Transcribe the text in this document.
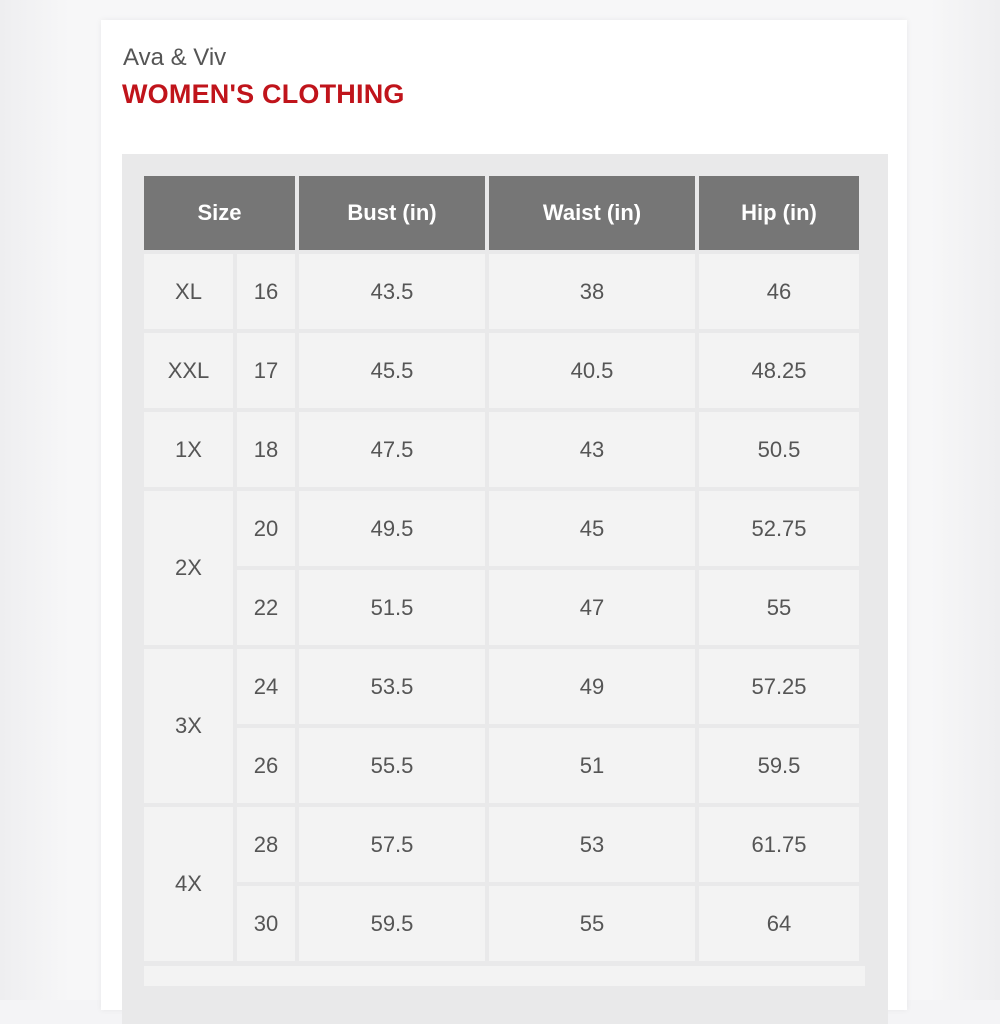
Ava & Viv
WOMEN'S CLOTHING
Size		Bust (in)	Waist (in)	Hip (in)
XL	16	43.5	38	46
XXL	17	45.5	40.5	48.25
1X	18	47.5	43	50.5
2X	20	49.5	45	52.75
	22	51.5	47	55
3X	24	53.5	49	57.25
	26	55.5	51	59.5
4X	28	57.5	53	61.75
	30	59.5	55	64
